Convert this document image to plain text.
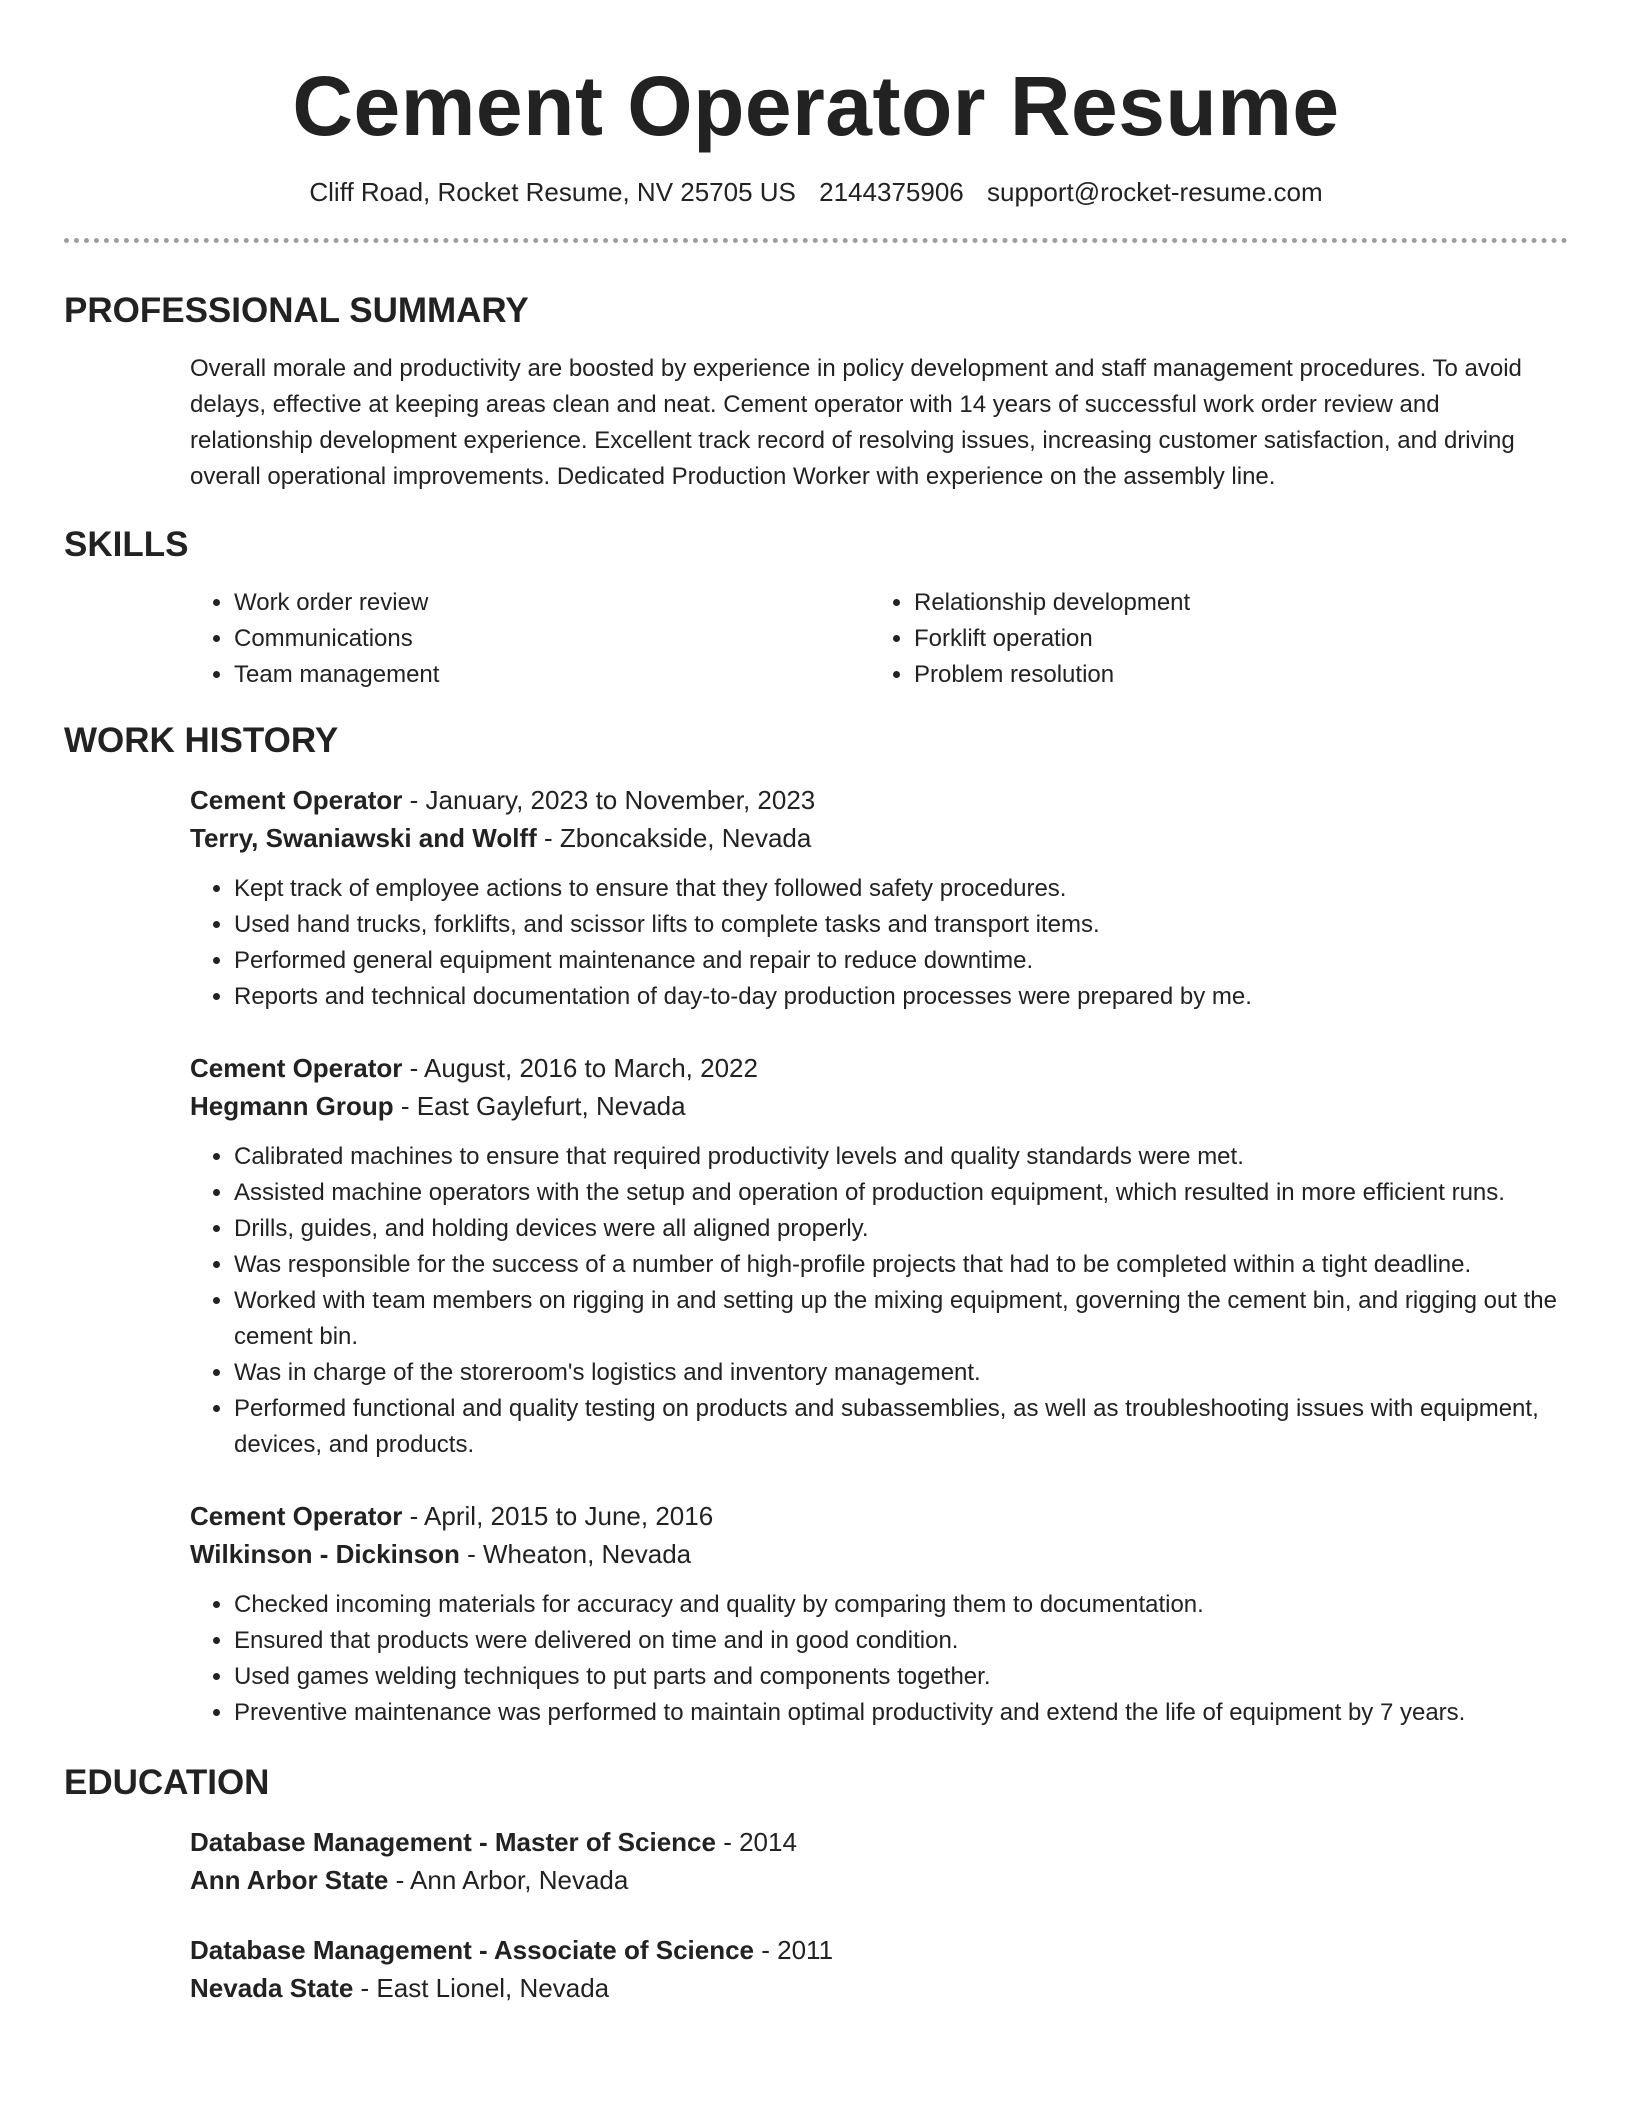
Cement Operator Resume
Cliff Road, Rocket Resume, NV 25705 US 2144375906 support@rocket-resume.com
PROFESSIONAL SUMMARY
Overall morale and productivity are boosted by experience in policy development and staff management procedures. To avoid delays, effective at keeping areas clean and neat. Cement operator with 14 years of successful work order review and relationship development experience. Excellent track record of resolving issues, increasing customer satisfaction, and driving overall operational improvements. Dedicated Production Worker with experience on the assembly line.
SKILLS
• Work order review
• Communications
• Team management
• Relationship development
• Forklift operation
• Problem resolution
WORK HISTORY
Cement Operator - January, 2023 to November, 2023
Terry, Swaniawski and Wolff - Zboncakside, Nevada
• Kept track of employee actions to ensure that they followed safety procedures.
• Used hand trucks, forklifts, and scissor lifts to complete tasks and transport items.
• Performed general equipment maintenance and repair to reduce downtime.
• Reports and technical documentation of day-to-day production processes were prepared by me.
Cement Operator - August, 2016 to March, 2022
Hegmann Group - East Gaylefurt, Nevada
• Calibrated machines to ensure that required productivity levels and quality standards were met.
• Assisted machine operators with the setup and operation of production equipment, which resulted in more efficient runs.
• Drills, guides, and holding devices were all aligned properly.
• Was responsible for the success of a number of high-profile projects that had to be completed within a tight deadline.
• Worked with team members on rigging in and setting up the mixing equipment, governing the cement bin, and rigging out the cement bin.
• Was in charge of the storeroom's logistics and inventory management.
• Performed functional and quality testing on products and subassemblies, as well as troubleshooting issues with equipment, devices, and products.
Cement Operator - April, 2015 to June, 2016
Wilkinson - Dickinson - Wheaton, Nevada
• Checked incoming materials for accuracy and quality by comparing them to documentation.
• Ensured that products were delivered on time and in good condition.
• Used games welding techniques to put parts and components together.
• Preventive maintenance was performed to maintain optimal productivity and extend the life of equipment by 7 years.
EDUCATION
Database Management - Master of Science - 2014
Ann Arbor State - Ann Arbor, Nevada
Database Management - Associate of Science - 2011
Nevada State - East Lionel, Nevada
